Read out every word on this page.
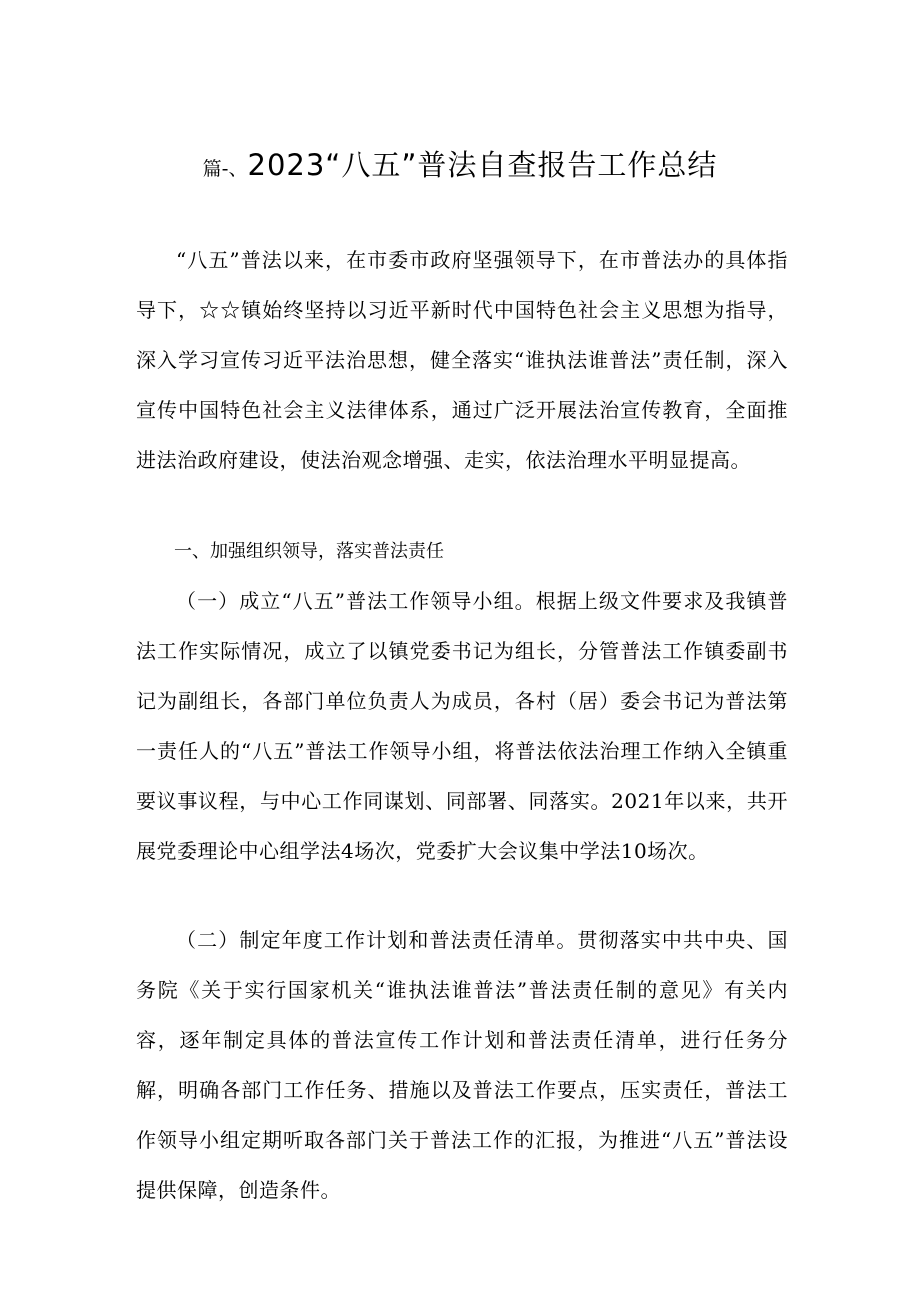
篇-、2023“八五”普法自查报告工作总结

“八五”普法以来，在市委市政府坚强领导下，在市普法办的具体指导下，☆☆镇始终坚持以习近平新时代中国特色社会主义思想为指导，深入学习宣传习近平法治思想，健全落实“谁执法谁普法”责任制，深入宣传中国特色社会主义法律体系，通过广泛开展法治宣传教育，全面推进法治政府建设，使法治观念增强、走实，依法治理水平明显提高。

一、加强组织领导，落实普法责任

（一）成立“八五”普法工作领导小组。根据上级文件要求及我镇普法工作实际情况，成立了以镇党委书记为组长，分管普法工作镇委副书记为副组长，各部门单位负责人为成员，各村（居）委会书记为普法第一责任人的“八五”普法工作领导小组，将普法依法治理工作纳入全镇重要议事议程，与中心工作同谋划、同部署、同落实。2021年以来，共开展党委理论中心组学法4场次，党委扩大会议集中学法10场次。

（二）制定年度工作计划和普法责任清单。贯彻落实中共中央、国务院《关于实行国家机关“谁执法谁普法”普法责任制的意见》有关内容，逐年制定具体的普法宣传工作计划和普法责任清单，进行任务分解，明确各部门工作任务、措施以及普法工作要点，压实责任，普法工作领导小组定期听取各部门关于普法工作的汇报，为推进“八五”普法设提供保障，创造条件。
